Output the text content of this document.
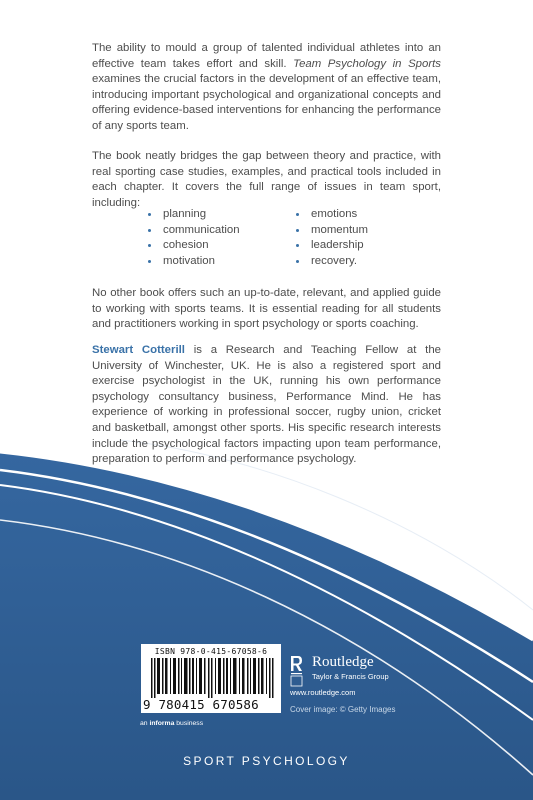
The ability to mould a group of talented individual athletes into an effective team takes effort and skill. Team Psychology in Sports examines the crucial factors in the development of an effective team, introducing important psychological and organizational concepts and offering evidence-based interventions for enhancing the performance of any sports team.
The book neatly bridges the gap between theory and practice, with real sporting case studies, examples, and practical tools included in each chapter. It covers the full range of issues in team sport, including:
planning	emotions
communication	momentum
cohesion	leadership
motivation	recovery.
No other book offers such an up-to-date, relevant, and applied guide to working with sports teams. It is essential reading for all students and practitioners working in sport psychology or sports coaching.
Stewart Cotterill is a Research and Teaching Fellow at the University of Winchester, UK. He is also a registered sport and exercise psychologist in the UK, running his own performance psychology consultancy business, Performance Mind. He has experience of working in professional soccer, rugby union, cricket and basketball, amongst other sports. His specific research interests include the psychological factors impacting upon team performance, preparation to perform and performance psychology.
ISBN 978-0-415-67058-6
9 780415 670586
Routledge
Taylor & Francis Group
www.routledge.com
Cover image: © Getty Images
an informa business
SPORT PSYCHOLOGY
